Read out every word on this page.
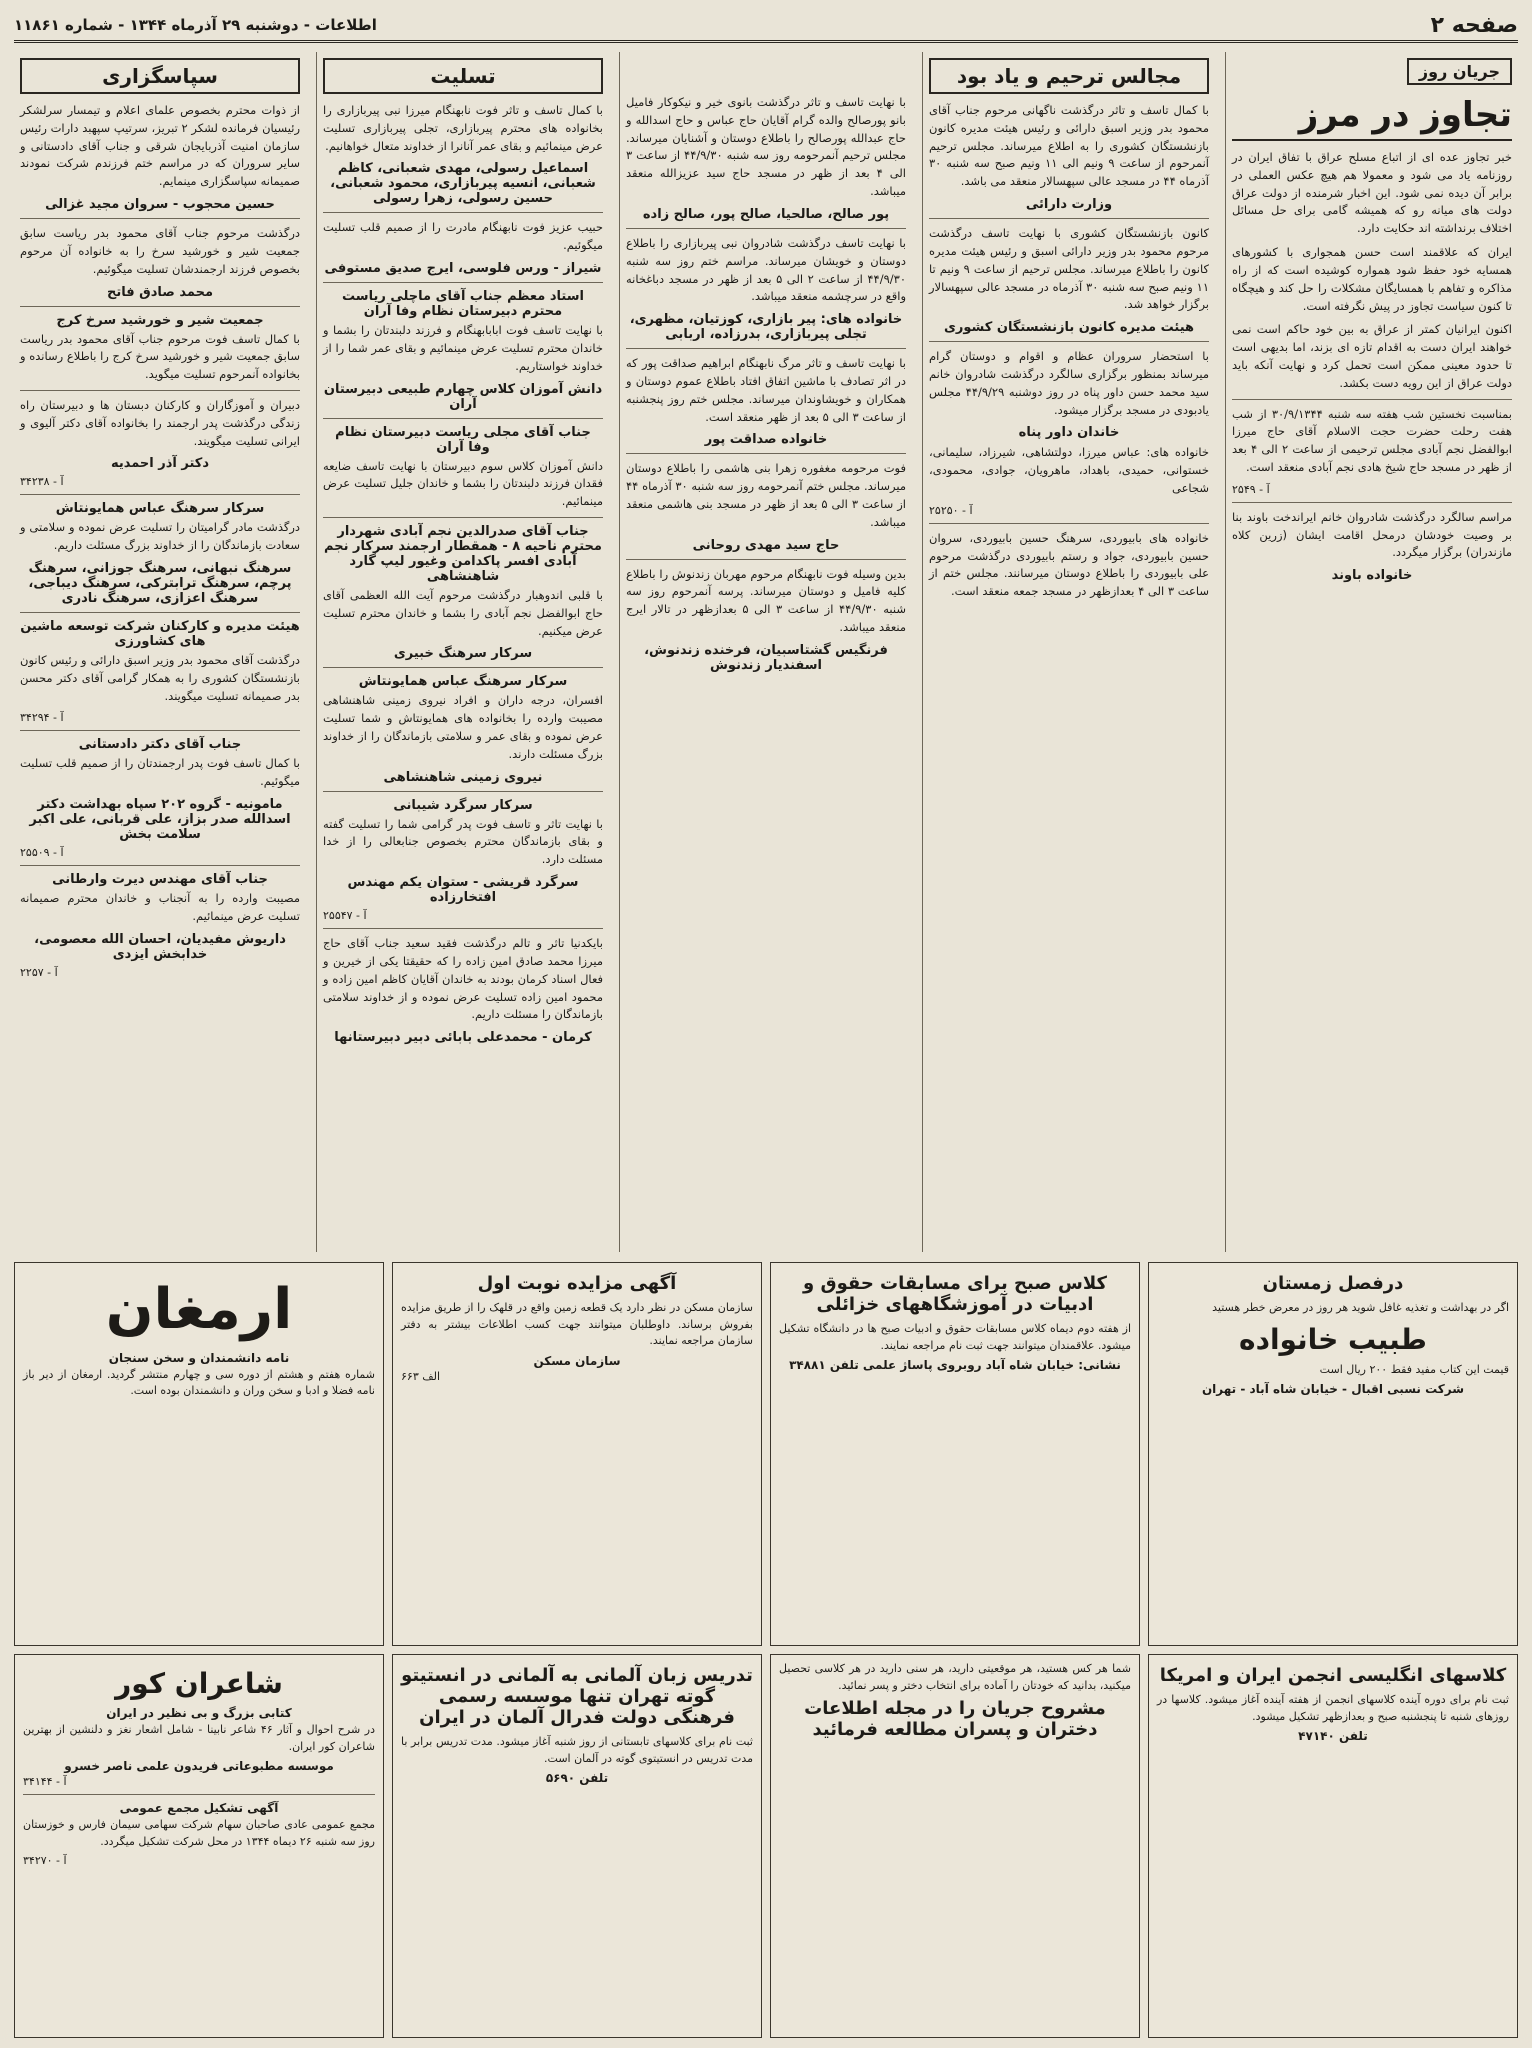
صفحه ۲
اطلاعات - دوشنبه ۲۹ آذرماه ۱۳۴۴ - شماره ۱۱۸۶۱
جریان روز
تجاوز در مرز

خبر تجاوز عده ای از اتباع مسلح عراق با تفاق ایران در روزنامه یاد می شود و معمولا هم هیچ عکس العملی در برابر آن دیده نمی شود. این اخبار شرمنده از دولت عراق دولت های میانه رو که همیشه گامی برای حل مسائل اختلاف برنداشته اند حکایت دارد.

ایران که علاقمند است حسن همجواری با کشورهای همسایه خود حفظ شود همواره کوشیده است که از راه مذاکره و تفاهم با همسایگان مشکلات را حل کند و هیچگاه تا کنون سیاست تجاوز در پیش نگرفته است.

اکنون ایرانیان کمتر از عراق به بین خود حاکم است نمی خواهند ایران دست به اقدام تازه ای بزند، اما بدیهی است تا حدود معینی ممکن است تحمل کرد و نهایت آنکه باید دولت عراق از این رویه دست بکشد.

بمناسبت نخستین شب هفته سه شنبه ۳۰/۹/۱۳۴۴ از شب هفت رحلت حضرت حجت الاسلام آقای حاج میرزا ابوالفضل نجم آبادی مجلس ترحیمی از ساعت ۲ الی ۴ بعد از ظهر در مسجد حاج شیخ هادی نجم آبادی منعقد است.

۲۵۴۹ - آ

مراسم سالگرد درگذشت شادروان خانم ایراندخت باوند بنا بر وصیت خودشان درمحل اقامت ایشان (زرین کلاه مازندران) برگزار میگردد.

خانواده باوند
مجالس ترحیم و یاد بود

با کمال تاسف و تاثر درگذشت ناگهانی مرحوم جناب آقای محمود بدر وزیر اسبق دارائی و رئیس هیئت مدیره کانون بازنشستگان کشوری را به اطلاع میرساند. مجلس ترحیم آنمرحوم از ساعت ۹ ونیم الی ۱۱ ونیم صبح سه شنبه ۳۰ آذرماه ۴۴ در مسجد عالی سپهسالار منعقد می باشد.

وزارت دارائی

کانون بازنشستگان کشوری با نهایت تاسف درگذشت مرحوم محمود بدر وزیر دارائی اسبق و رئیس هیئت مدیره کانون را باطلاع میرساند. مجلس ترحیم از ساعت ۹ ونیم تا ۱۱ ونیم صبح سه شنبه ۳۰ آذرماه در مسجد عالی سپهسالار برگزار خواهد شد.

هیئت مدیره کانون بازنشستگان کشوری

با استحضار سروران عظام و اقوام و دوستان گرام میرساند بمنظور برگزاری سالگرد درگذشت شادروان خانم سید محمد حسن داور پناه در روز دوشنبه ۴۴/۹/۲۹ مجلس یادبودی در مسجد برگزار میشود.

خاندان داور پناه

خانواده های: عباس میرزا، دولتشاهی، شیرزاد، سلیمانی، خستوانی، حمیدی، باهداد، ماهرویان، جوادی، محمودی، شجاعی

۲۵۲۵۰ - آ

خانواده های بابیوردی، سرهنگ حسین بابیوردی، سروان حسین بابیوردی، جواد و رستم بابیوردی درگذشت مرحوم علی بابیوردی را باطلاع دوستان میرسانند. مجلس ختم از ساعت ۳ الی ۴ بعدازظهر در مسجد جمعه منعقد است.

با نهایت تاسف و تاثر درگذشت بانوی خیر و نیکوکار فامیل بانو پورصالح والده گرام آقایان حاج عباس و حاج اسدالله و حاج عبدالله پورصالح را باطلاع دوستان و آشنایان میرساند. مجلس ترحیم آنمرحومه روز سه شنبه ۴۴/۹/۳۰ از ساعت ۳ الی ۴ بعد از ظهر در مسجد حاج سید عزیزالله منعقد میباشد.

پور صالح، صالحیا، صالح پور، صالح زاده

با نهایت تاسف درگذشت شادروان نبی پیربازاری را باطلاع دوستان و خویشان میرساند. مراسم ختم روز سه شنبه ۴۴/۹/۳۰ از ساعت ۲ الی ۵ بعد از ظهر در مسجد دباغخانه واقع در سرچشمه منعقد میباشد.

خانواده های: پیر بازاری، کوزتیان، مظهری، تجلی پیربازاری، بدرزاده، اربابی

با نهایت تاسف و تاثر مرگ نابهنگام ابراهیم صداقت پور که در اثر تصادف با ماشین اتفاق افتاد باطلاع عموم دوستان و همکاران و خویشاوندان میرساند. مجلس ختم روز پنجشنبه از ساعت ۳ الی ۵ بعد از ظهر منعقد است.

خانواده صداقت پور

فوت مرحومه مغفوره زهرا بنی هاشمی را باطلاع دوستان میرساند. مجلس ختم آنمرحومه روز سه شنبه ۳۰ آذرماه ۴۴ از ساعت ۳ الی ۵ بعد از ظهر در مسجد بنی هاشمی منعقد میباشد.

حاج سید مهدی روحانی

بدین وسیله فوت نابهنگام مرحوم مهربان زندنوش را باطلاع کلیه فامیل و دوستان میرساند. پرسه آنمرحوم روز سه شنبه ۴۴/۹/۳۰ از ساعت ۳ الی ۵ بعدازظهر در تالار ایرج منعقد میباشد.

فرنگیس گشتاسبیان، فرخنده زندنوش، اسفندیار زندنوش
تسلیت

با کمال تاسف و تاثر فوت نابهنگام میرزا نبی پیربازاری را بخانواده های محترم پیربازاری، تجلی پیربازاری تسلیت عرض مینمائیم و بقای عمر آنانرا از خداوند متعال خواهانیم.

اسماعیل رسولی، مهدی شعبانی، کاظم شعبانی، انسیه پیربازاری، محمود شعبانی، حسین رسولی، زهرا رسولی

حبیب عزیز فوت نابهنگام مادرت را از صمیم قلب تسلیت میگوئیم.

شیراز - ورس فلوسی، ایرج صدیق مستوفی
استاد معظم جناب آقای ماچلی ریاست محترم دبیرستان نظام وفا آران

با نهایت تاسف فوت ابابابهنگام و فرزند دلبندتان را بشما و خاندان محترم تسلیت عرض مینمائیم و بقای عمر شما را از خداوند خواستاریم.

دانش آموزان کلاس چهارم طبیعی دبیرستان آران
جناب آقای مجلی ریاست دبیرستان نظام وفا آران

دانش آموزان کلاس سوم دبیرستان با نهایت تاسف ضایعه فقدان فرزند دلبندتان را بشما و خاندان جلیل تسلیت عرض مینمائیم.

جناب آقای صدرالدین نجم آبادی شهردار محترم ناحیه ۸ - همقطار ارجمند سرکار نجم آبادی افسر پاکدامن وغیور لیپ گارد شاهنشاهی

با قلبی اندوهبار درگذشت مرحوم آیت الله العظمی آقای حاج ابوالفضل نجم آبادی را بشما و خاندان محترم تسلیت عرض میکنیم.

سرکار سرهنگ خبیری
سرکار سرهنگ عباس همایونتاش

افسران، درجه داران و افراد نیروی زمینی شاهنشاهی مصیبت وارده را بخانواده های همایونتاش و شما تسلیت عرض نموده و بقای عمر و سلامتی بازماندگان را از خداوند بزرگ مسئلت دارند.

نیروی زمینی شاهنشاهی
سرکار سرگرد شیبانی

با نهایت تاثر و تاسف فوت پدر گرامی شما را تسلیت گفته و بقای بازماندگان محترم بخصوص جنابعالی را از خدا مسئلت دارد.

سرگرد قریشی - ستوان یکم مهندس افتخارزاده
۲۵۵۴۷ - آ

بایکدنیا تاثر و تالم درگذشت فقید سعید جناب آقای حاج میرزا محمد صادق امین زاده را که حقیقتا یکی از خیرین و فعال اسناد کرمان بودند به خاندان آقایان کاظم امین زاده و محمود امین زاده تسلیت عرض نموده و از خداوند سلامتی بازماندگان را مسئلت داریم.

کرمان - محمدعلی بابائی دبیر دبیرستانها
سپاسگزاری

از ذوات محترم بخصوص علمای اعلام و تیمسار سرلشکر رئیسیان فرمانده لشکر ۲ تبریز، سرتیپ سپهبد دارات رئیس سازمان امنیت آذربایجان شرقی و جناب آقای دادستانی و سایر سروران که در مراسم ختم فرزندم شرکت نمودند صمیمانه سپاسگزاری مینمایم.

حسین محجوب - سروان مجید غزالی

درگذشت مرحوم جناب آقای محمود بدر ریاست سابق جمعیت شیر و خورشید سرخ را به خانواده آن مرحوم بخصوص فرزند ارجمندشان تسلیت میگوئیم.

محمد صادق فاتح
جمعیت شیر و خورشید سرخ کرج

با کمال تاسف فوت مرحوم جناب آقای محمود بدر ریاست سابق جمعیت شیر و خورشید سرخ کرج را باطلاع رسانده و بخانواده آنمرحوم تسلیت میگوید.

دبیران و آموزگاران و کارکنان دبستان ها و دبیرستان راه زندگی درگذشت پدر ارجمند را بخانواده آقای دکتر آلیوی و ایرانی تسلیت میگویند.

دکتر آذر احمدیه
۳۴۲۳۸ - آ
سرکار سرهنگ عباس همایونتاش

درگذشت مادر گرامیتان را تسلیت عرض نموده و سلامتی و سعادت بازماندگان را از خداوند بزرگ مسئلت داریم.

سرهنگ نبهانی، سرهنگ جوزانی، سرهنگ پرچم، سرهنگ ترابترکی، سرهنگ دیباجی، سرهنگ اعزازی، سرهنگ نادری
هیئت مدیره و کارکنان شرکت توسعه ماشین های کشاورزی

درگذشت آقای محمود بدر وزیر اسبق دارائی و رئیس کانون بازنشستگان کشوری را به همکار گرامی آقای دکتر محسن بدر صمیمانه تسلیت میگویند.

۳۴۲۹۴ - آ
جناب آقای دکتر دادستانی

با کمال تاسف فوت پدر ارجمندتان را از صمیم قلب تسلیت میگوئیم.

مامونیه - گروه ۲۰۲ سپاه بهداشت دکتر اسدالله صدر بزاز، علی قربانی، علی اکبر سلامت بخش
۲۵۵۰۹ - آ
جناب آقای مهندس دیرت وارطانی

مصیبت وارده را به آنجناب و خاندان محترم صمیمانه تسلیت عرض مینمائیم.

داریوش مفیدیان، احسان الله معصومی، خدابخش ایزدی
۲۲۵۷ - آ
درفصل زمستان

اگر در بهداشت و تغذیه غافل شوید هر روز در معرض خطر هستید

طبیب خانواده

قیمت این کتاب مفید فقط ۲۰۰ ریال است

شرکت نسبی اقبال - خیابان شاه آباد - تهران
کلاس صبح برای مسابقات حقوق و ادبیات در آموزشگاههای خزائلی

از هفته دوم دیماه کلاس مسابقات حقوق و ادبیات صبح ها در دانشگاه تشکیل میشود. علاقمندان میتوانند جهت ثبت نام مراجعه نمایند.

نشانی: خیابان شاه آباد روبروی پاساژ علمی تلفن ۳۴۸۸۱
آگهی مزایده نوبت اول

سازمان مسکن در نظر دارد یک قطعه زمین واقع در قلهک را از طریق مزایده بفروش برساند. داوطلبان میتوانند جهت کسب اطلاعات بیشتر به دفتر سازمان مراجعه نمایند.

سازمان مسکن
الف ۶۶۳
ارمغان
نامه دانشمندان و سخن سنجان

شماره هفتم و هشتم از دوره سی و چهارم منتشر گردید. ارمغان از دیر باز نامه فضلا و ادبا و سخن وران و دانشمندان بوده است.

کلاسهای انگلیسی انجمن ایران و امریکا

ثبت نام برای دوره آینده کلاسهای انجمن از هفته آینده آغاز میشود. کلاسها در روزهای شنبه تا پنجشنبه صبح و بعدازظهر تشکیل میشود.

تلفن ۴۷۱۴۰

شما هر کس هستید، هر موقعیتی دارید، هر سنی دارید در هر کلاسی تحصیل میکنید، بدانید که خودتان را آماده برای انتخاب دختر و پسر نمائید.

مشروح جریان را در مجله اطلاعات دختران و پسران مطالعه فرمائید
تدریس زبان آلمانی به آلمانی در انستیتو گوته تهران تنها موسسه رسمی فرهنگی دولت فدرال آلمان در ایران

ثبت نام برای کلاسهای تابستانی از روز شنبه آغاز میشود. مدت تدریس برابر با مدت تدریس در انستیتوی گوته در آلمان است.

تلفن ۵۶۹۰
شاعران کور
کتابی بزرگ و بی نظیر در ایران

در شرح احوال و آثار ۴۶ شاعر نابینا - شامل اشعار نغز و دلنشین از بهترین شاعران کور ایران.

موسسه مطبوعاتی فریدون علمی ناصر خسرو
۳۴۱۴۴ - آ
آگهی تشکیل مجمع عمومی

مجمع عمومی عادی صاحبان سهام شرکت سهامی سیمان فارس و خوزستان روز سه شنبه ۲۶ دیماه ۱۳۴۴ در محل شرکت تشکیل میگردد.

۳۴۲۷۰ - آ
